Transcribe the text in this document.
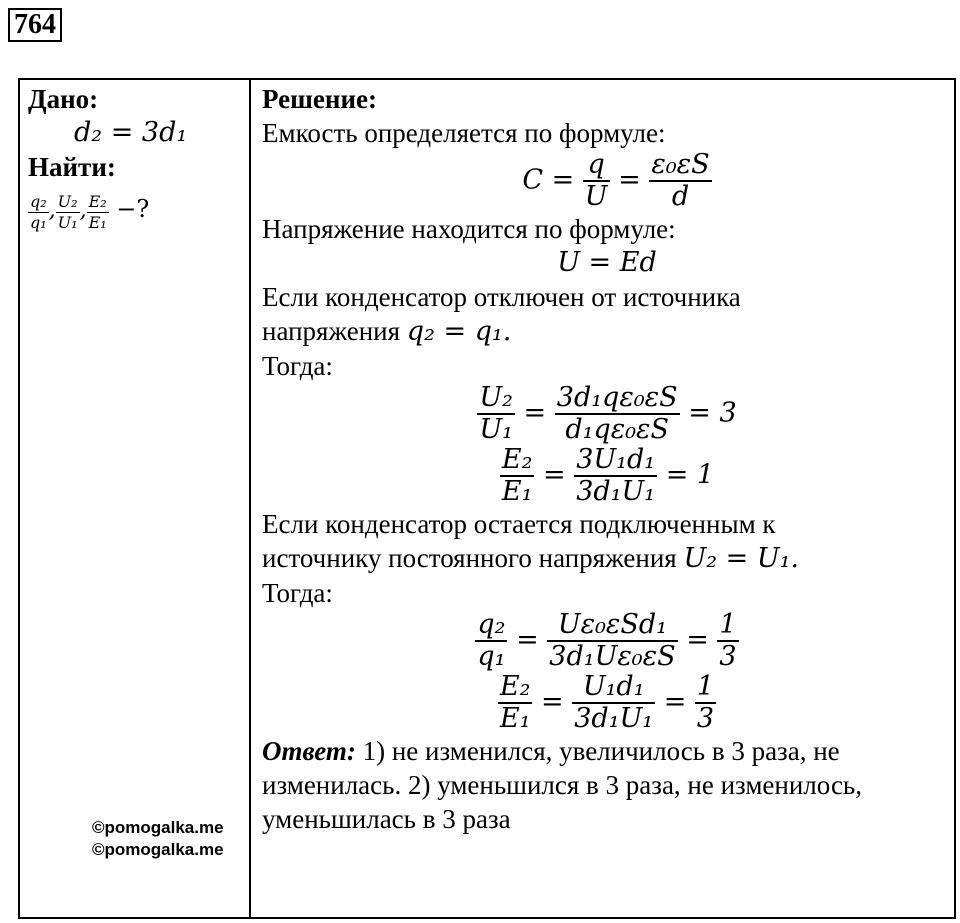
764
Дано:
d₂ = 3d₁
Найти:
$\frac{\text{q₂}}{\text{q₁}}$ , $\frac{\text{U₂}}{\text{U₁}}$ , $\frac{\text{E₂}}{\text{E₁}}$ −?
Решение:
Емкость определяется по формуле:
$C = \frac{q}{U} = \frac{\text{ε₀εS}}{d}$
Напряжение находится по формуле:
U = Ed
Если конденсатор отключен от источника
напряжения q₂ = q₁.
Тогда:
$\frac{\text{U₂}}{\text{U₁}} = \frac{\text{3d₁qε₀εS}}{\text{d₁qε₀εS}} = 3$
$\frac{\text{E₂}}{\text{E₁}} = \frac{\text{3U₁d₁}}{\text{3d₁U₁}} = 1$
Если конденсатор остается подключенным к
источнику постоянного напряжения U₂ = U₁.
Тогда:
$\frac{\text{q₂}}{\text{q₁}} = \frac{\text{Uε₀εSd₁}}{\text{3d₁Uε₀εS}} = \frac{1}{3}$
$\frac{\text{E₂}}{\text{E₁}} = \frac{\text{U₁d₁}}{\text{3d₁U₁}} = \frac{1}{3}$
Ответ: 1) не изменился, увеличилось в 3 раза, не изменилась. 2) уменьшился в 3 раза, не изменилось, уменьшилась в 3 раза
©pomogalka.me
©pomogalka.me
